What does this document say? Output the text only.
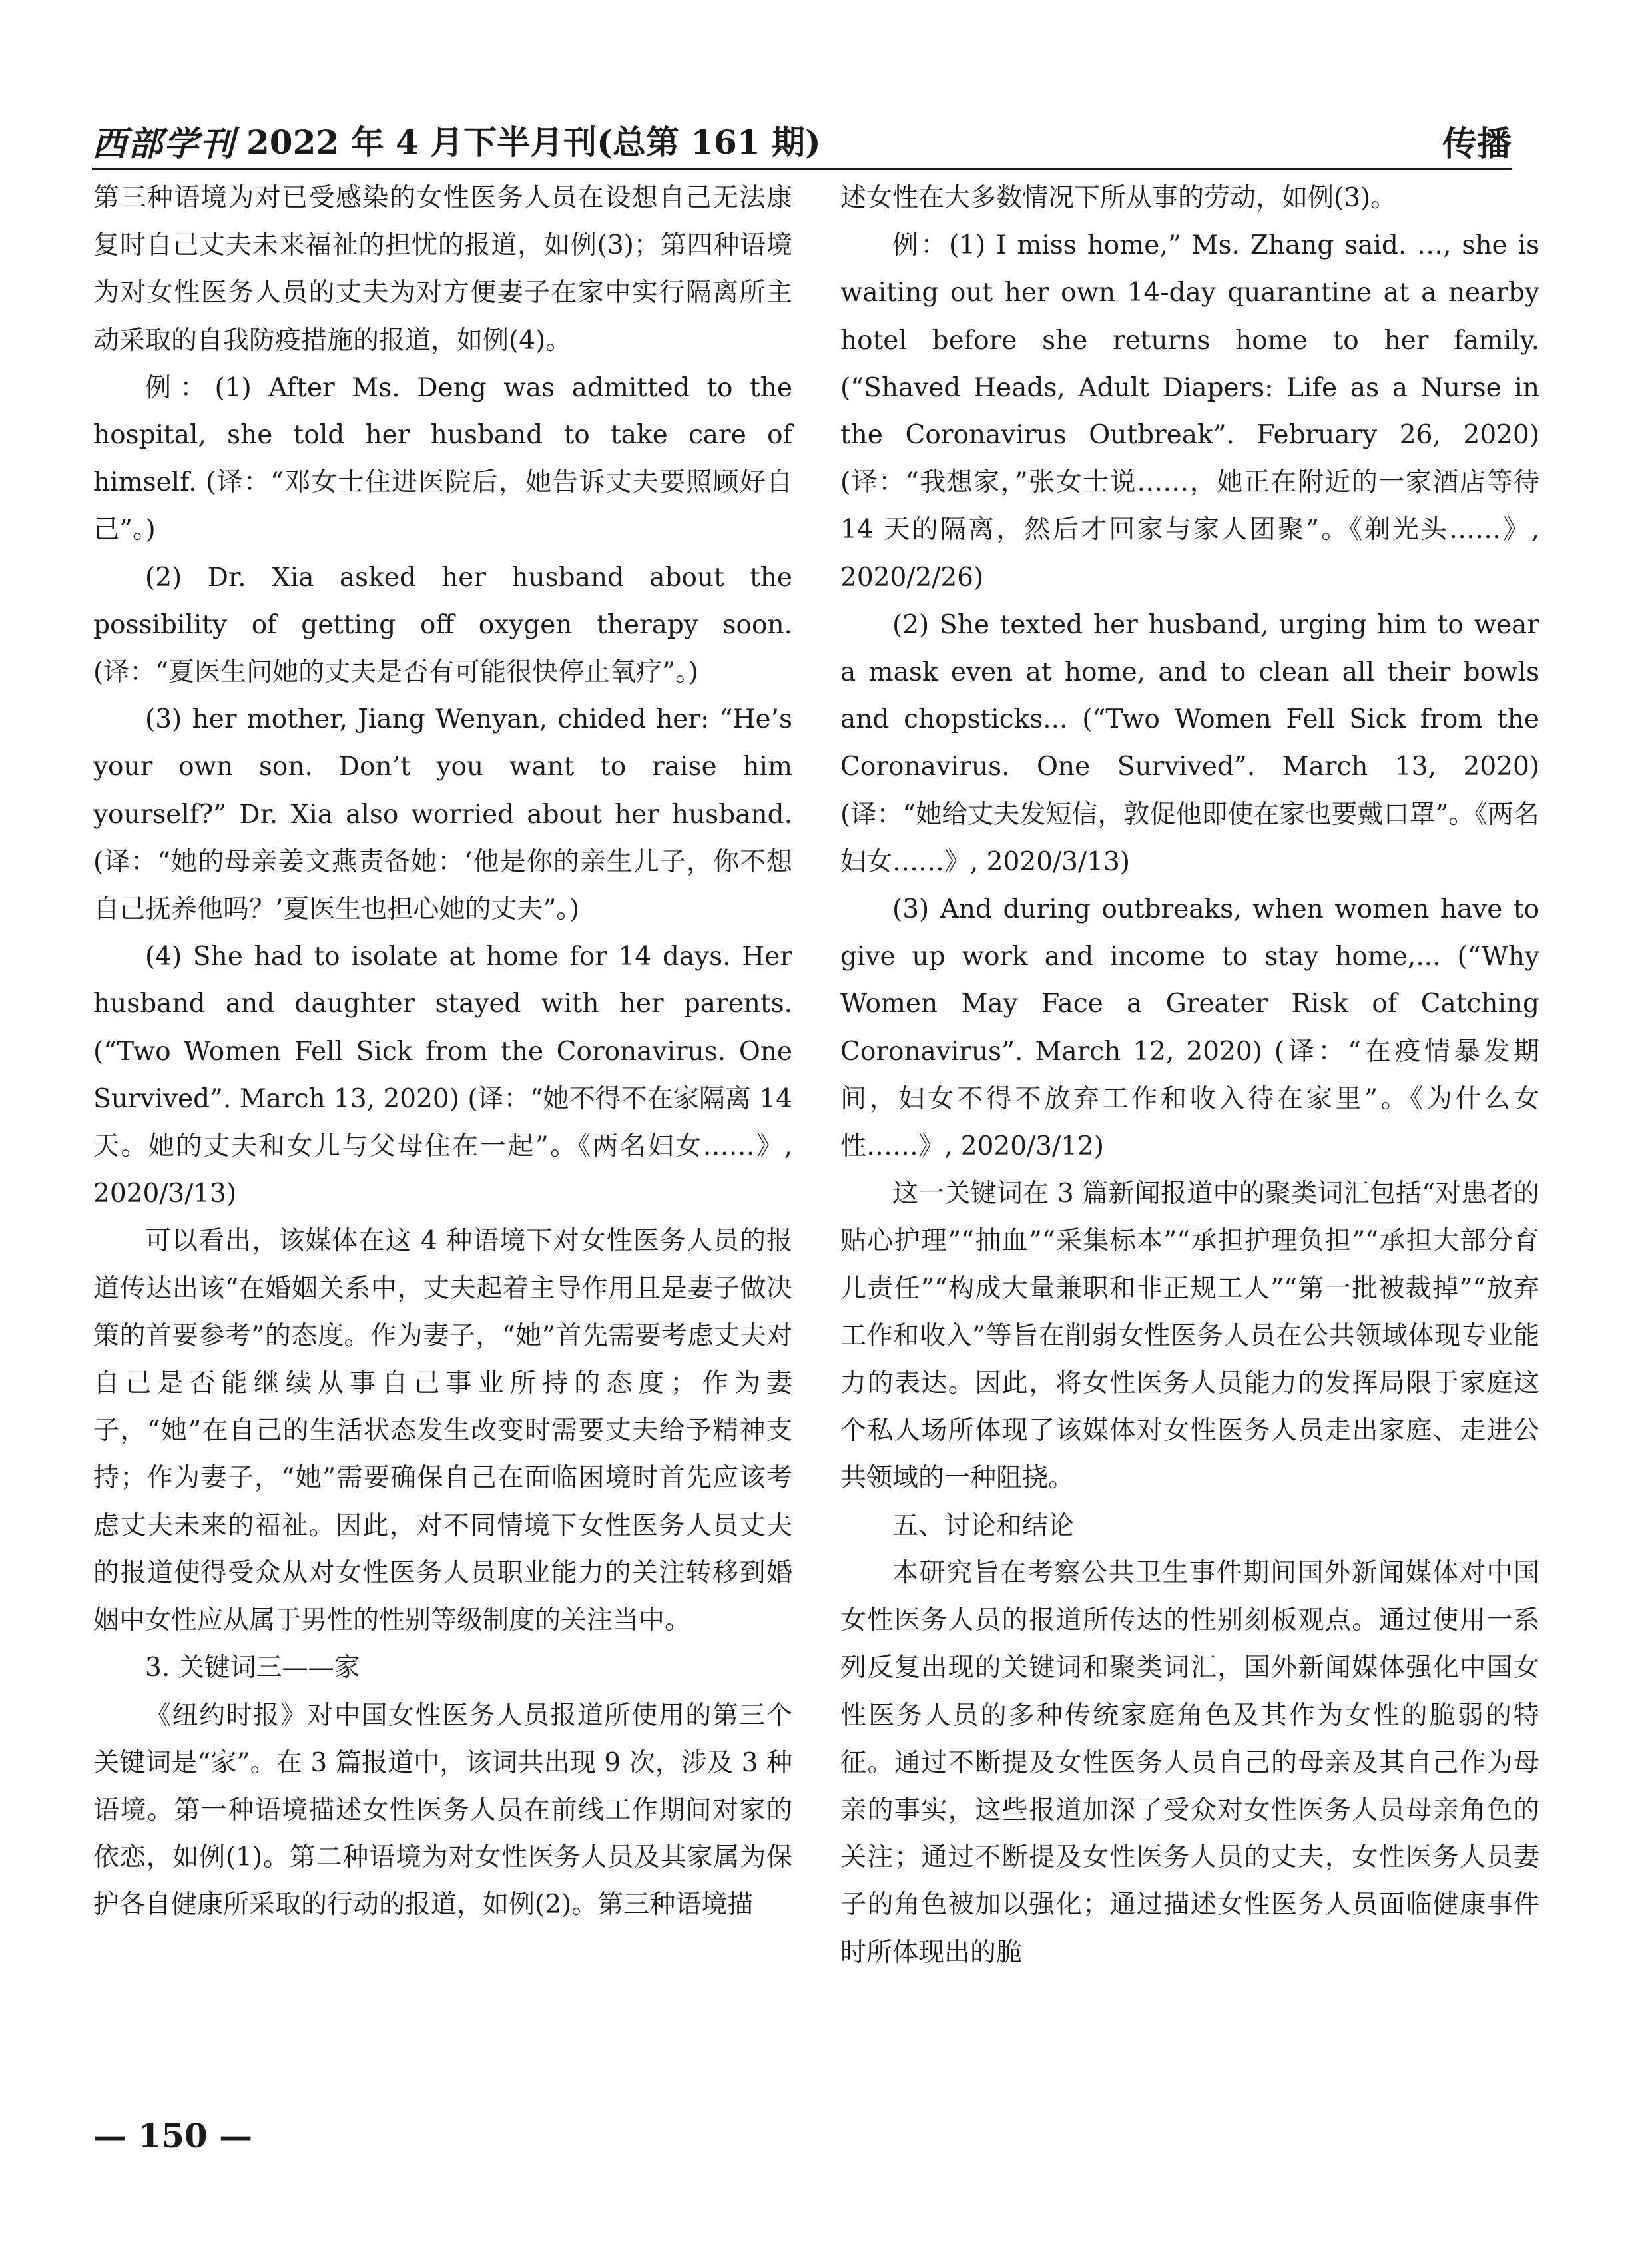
西部学刊 2022 年 4 月下半月刊(总第 161 期)	传播

第三种语境为对已受感染的女性医务人员在设想自己无法康复时自己丈夫未来福祉的担忧的报道，如例(3)；第四种语境为对女性医务人员的丈夫为对方便妻子在家中实行隔离所主动采取的自我防疫措施的报道，如例(4)。

例：(1) After Ms. Deng was admitted to the hospital, she told her husband to take care of himself. (译：“邓女士住进医院后，她告诉丈夫要照顾好自己”。)

(2) Dr. Xia asked her husband about the possibility of getting off oxygen therapy soon. (译：“夏医生问她的丈夫是否有可能很快停止氧疗”。)

(3) her mother, Jiang Wenyan, chided her: “He’s your own son. Don’t you want to raise him yourself?” Dr. Xia also worried about her husband. (译：“她的母亲姜文燕责备她：‘他是你的亲生儿子，你不想自己抚养他吗？’夏医生也担心她的丈夫”。)

(4) She had to isolate at home for 14 days. Her husband and daughter stayed with her parents. (“Two Women Fell Sick from the Coronavirus. One Survived”. March 13, 2020) (译：“她不得不在家隔离 14 天。她的丈夫和女儿与父母住在一起”。《两名妇女……》, 2020/3/13)

可以看出，该媒体在这 4 种语境下对女性医务人员的报道传达出该“在婚姻关系中，丈夫起着主导作用且是妻子做决策的首要参考”的态度。作为妻子，“她”首先需要考虑丈夫对自己是否能继续从事自己事业所持的态度；作为妻子，“她”在自己的生活状态发生改变时需要丈夫给予精神支持；作为妻子，“她”需要确保自己在面临困境时首先应该考虑丈夫未来的福祉。因此，对不同情境下女性医务人员丈夫的报道使得受众从对女性医务人员职业能力的关注转移到婚姻中女性应从属于男性的性别等级制度的关注当中。

3. 关键词三——家

《纽约时报》对中国女性医务人员报道所使用的第三个关键词是“家”。在 3 篇报道中，该词共出现 9 次，涉及 3 种语境。第一种语境描述女性医务人员在前线工作期间对家的依恋，如例(1)。第二种语境为对女性医务人员及其家属为保护各自健康所采取的行动的报道，如例(2)。第三种语境描

述女性在大多数情况下所从事的劳动，如例(3)。

例：(1) I miss home,” Ms. Zhang said. …, she is waiting out her own 14-day quarantine at a nearby hotel before she returns home to her family. (“Shaved Heads, Adult Diapers: Life as a Nurse in the Coronavirus Outbreak”. February 26, 2020) (译：“我想家，”张女士说……，她正在附近的一家酒店等待 14 天的隔离，然后才回家与家人团聚”。《剃光头……》, 2020/2/26)

(2) She texted her husband, urging him to wear a mask even at home, and to clean all their bowls and chopsticks... (“Two Women Fell Sick from the Coronavirus. One Survived”. March 13, 2020) (译：“她给丈夫发短信，敦促他即使在家也要戴口罩”。《两名妇女……》, 2020/3/13)

(3) And during outbreaks, when women have to give up work and income to stay home,... (“Why Women May Face a Greater Risk of Catching Coronavirus”. March 12, 2020) (译：“在疫情暴发期间，妇女不得不放弃工作和收入待在家里”。《为什么女性……》, 2020/3/12)

这一关键词在 3 篇新闻报道中的聚类词汇包括“对患者的贴心护理”“抽血”“采集标本”“承担护理负担”“承担大部分育儿责任”“构成大量兼职和非正规工人”“第一批被裁掉”“放弃工作和收入”等旨在削弱女性医务人员在公共领域体现专业能力的表达。因此，将女性医务人员能力的发挥局限于家庭这个私人场所体现了该媒体对女性医务人员走出家庭、走进公共领域的一种阻挠。

五、讨论和结论

本研究旨在考察公共卫生事件期间国外新闻媒体对中国女性医务人员的报道所传达的性别刻板观点。通过使用一系列反复出现的关键词和聚类词汇，国外新闻媒体强化中国女性医务人员的多种传统家庭角色及其作为女性的脆弱的特征。通过不断提及女性医务人员自己的母亲及其自己作为母亲的事实，这些报道加深了受众对女性医务人员母亲角色的关注；通过不断提及女性医务人员的丈夫，女性医务人员妻子的角色被加以强化；通过描述女性医务人员面临健康事件时所体现出的脆

— 150 —
